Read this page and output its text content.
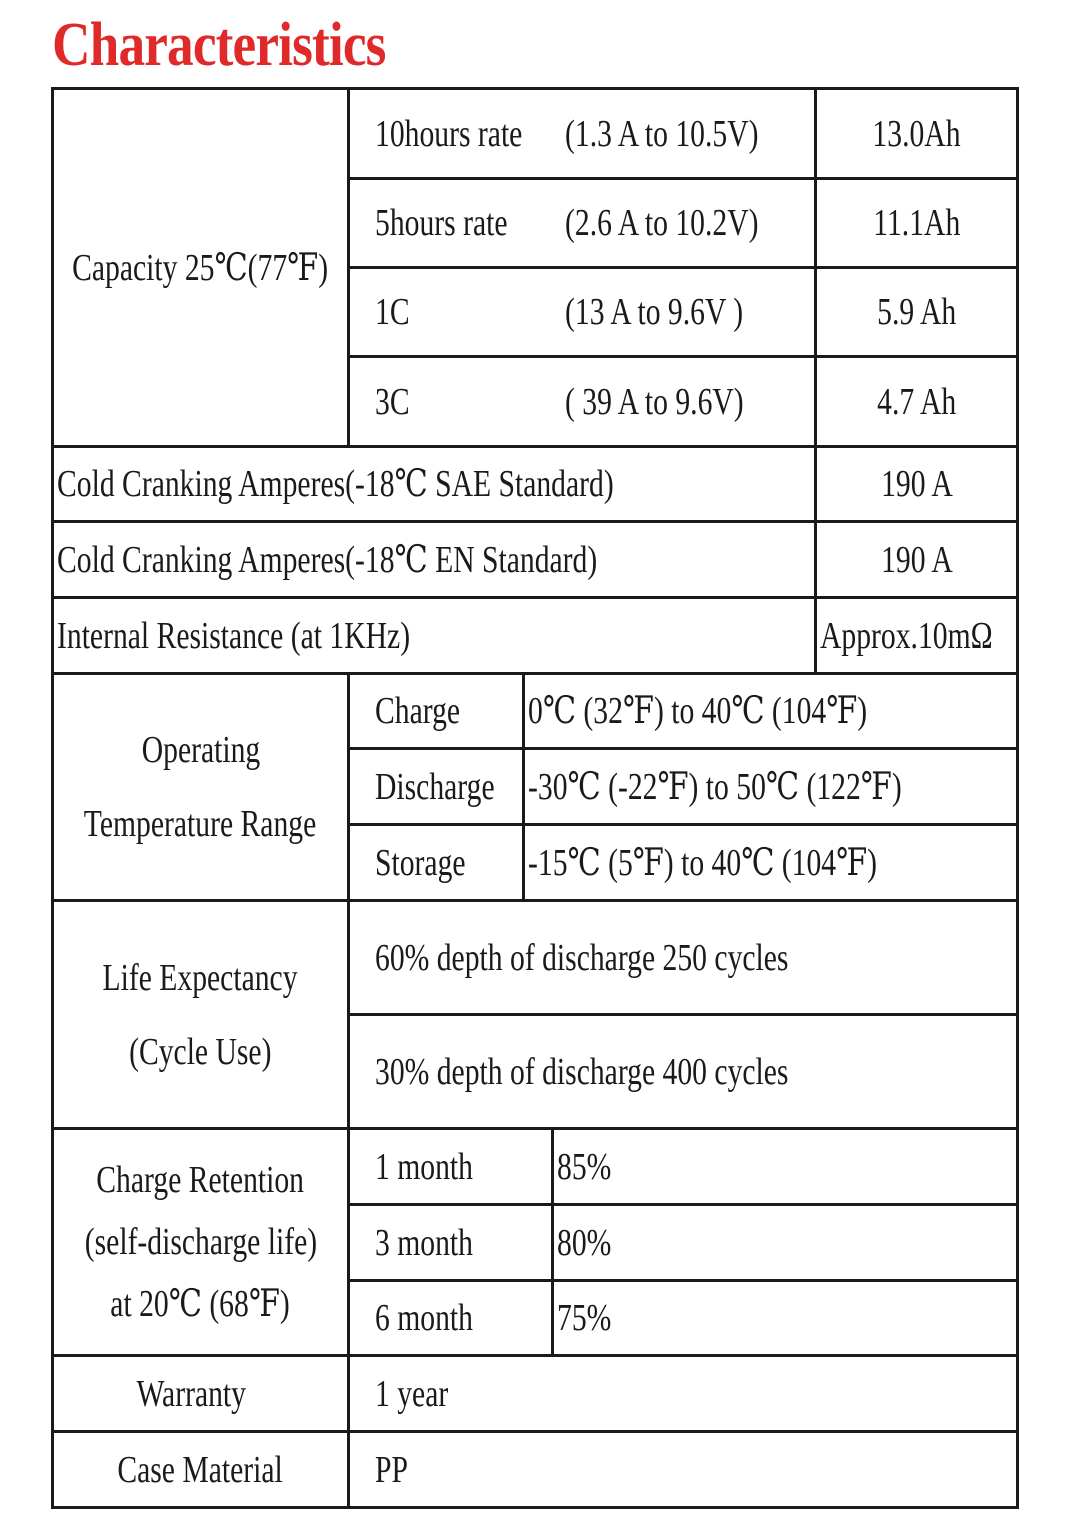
Characteristics
Capacity 25℃(77℉)
10hours rate (1.3 A to 10.5V)	13.0Ah
5hours rate (2.6 A to 10.2V)	11.1Ah
1C	(13 A to 9.6V )	5.9 Ah
3C	( 39 A to 9.6V)	4.7 Ah
Cold Cranking Amperes(-18℃ SAE Standard)	190 A
Cold Cranking Amperes(-18℃ EN Standard)	190 A
Internal Resistance (at 1KHz)	Approx.10mΩ
Operating
Temperature Range
Charge 0℃ (32℉) to 40℃ (104℉)
Discharge -30℃ (-22℉) to 50℃ (122℉)
Storage -15℃ (5℉) to 40℃ (104℉)
Life Expectancy
(Cycle Use)
60% depth of discharge 250 cycles
30% depth of discharge 400 cycles
Charge Retention
(self-discharge life)
at 20℃ (68℉)
1 month 85%
3 month 80%
6 month 75%
Warranty	1 year
Case Material PP
